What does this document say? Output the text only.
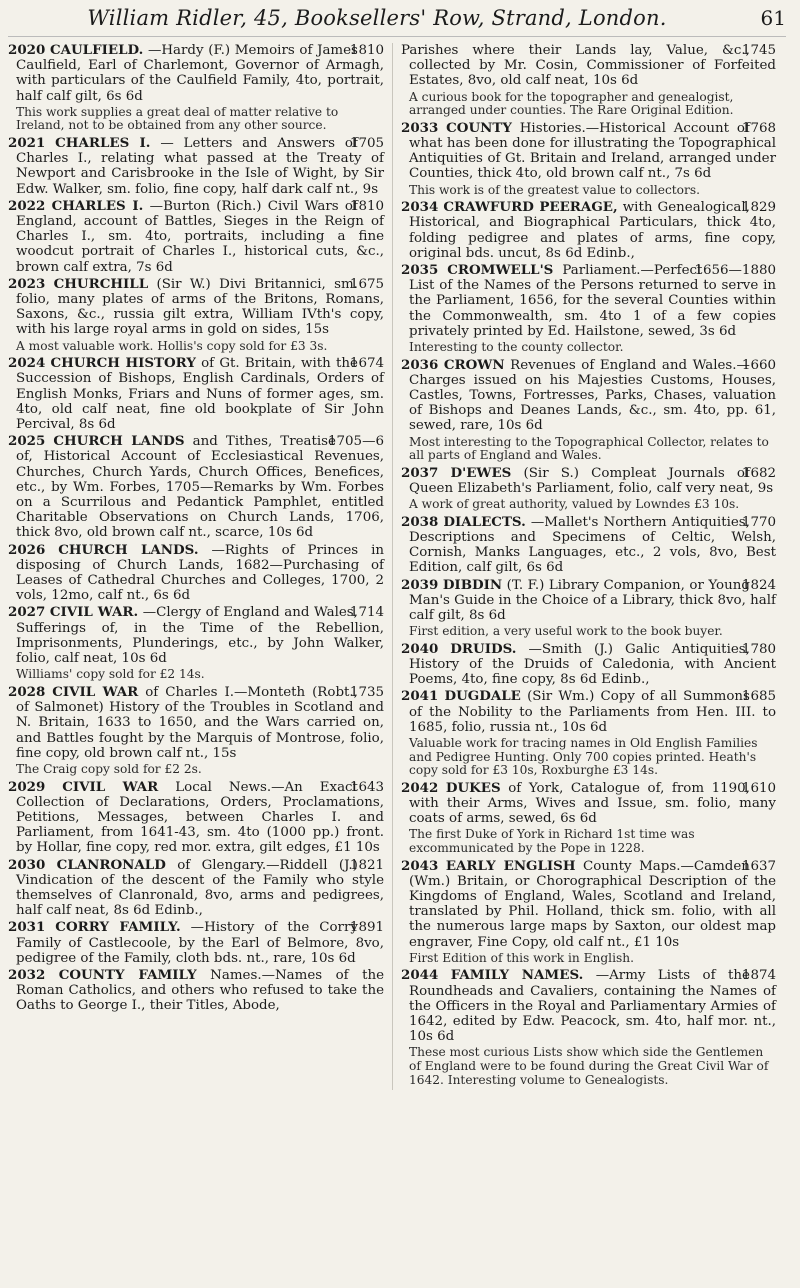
William Ridler, 45, Booksellers' Row, Strand, London.	61
1810
2020 CAULFIELD. —Hardy (F.) Memoirs of James Caulfield, Earl of Charlemont, Governor of Armagh, with particulars of the Caulfield Family, 4to, portrait, half calf gilt, 6s 6d
This work supplies a great deal of matter relative to Ireland, not to be obtained from any other source.
1705
2021 CHARLES I. — Letters and Answers of Charles I., relating what passed at the Treaty of Newport and Carisbrooke in the Isle of Wight, by Sir Edw. Walker, sm. folio, fine copy, half dark calf nt., 9s
1810
2022 CHARLES I. —Burton (Rich.) Civil Wars of England, account of Battles, Sieges in the Reign of Charles I., sm. 4to, portraits, including a fine woodcut portrait of Charles I., historical cuts, &c., brown calf extra, 7s 6d
1675
2023 CHURCHILL (Sir W.) Divi Britannici, sm. folio, many plates of arms of the Britons, Romans, Saxons, &c., russia gilt extra, William IVth's copy, with his large royal arms in gold on sides, 15s
A most valuable work. Hollis's copy sold for £3 3s.
1674
2024 CHURCH HISTORY of Gt. Britain, with the Succession of Bishops, English Cardinals, Orders of English Monks, Friars and Nuns of former ages, sm. 4to, old calf neat, fine old bookplate of Sir John Percival, 8s 6d
1705—6
2025 CHURCH LANDS and Tithes, Treatise of, Historical Account of Ecclesiastical Revenues, Churches, Church Yards, Church Offices, Benefices, etc., by Wm. Forbes, 1705—Remarks by Wm. Forbes on a Scurrilous and Pedantick Pamphlet, entitled Charitable Observations on Church Lands, 1706, thick 8vo, old brown calf nt., scarce, 10s 6d
2026 CHURCH LANDS. —Rights of Princes in disposing of Church Lands, 1682—Purchasing of Leases of Cathedral Churches and Colleges, 1700, 2 vols, 12mo, calf nt., 6s 6d
1714
2027 CIVIL WAR. —Clergy of England and Wales, Sufferings of, in the Time of the Rebellion, Imprisonments, Plunderings, etc., by John Walker, folio, calf neat, 10s 6d
Williams' copy sold for £2 14s.
1735
2028 CIVIL WAR of Charles I.—Monteth (Robt., of Salmonet) History of the Troubles in Scotland and N. Britain, 1633 to 1650, and the Wars carried on, and Battles fought by the Marquis of Montrose, folio, fine copy, old brown calf nt., 15s
The Craig copy sold for £2 2s.
1643
2029 CIVIL WAR Local News.—An Exact Collection of Declarations, Orders, Proclamations, Petitions, Messages, between Charles I. and Parliament, from 1641-43, sm. 4to (1000 pp.) front. by Hollar, fine copy, red mor. extra, gilt edges, £1 10s
1821
2030 CLANRONALD of Glengary.—Riddell (J.) Vindication of the descent of the Family who style themselves of Clanronald, 8vo, arms and pedigrees, half calf neat, 8s 6d Edinb.,
1891
2031 CORRY FAMILY. —History of the Corry Family of Castlecoole, by the Earl of Belmore, 8vo, pedigree of the Family, cloth bds. nt., rare, 10s 6d
2032 COUNTY FAMILY Names.—Names of the Roman Catholics, and others who refused to take the Oaths to George I., their Titles, Abode,
1745
Parishes where their Lands lay, Value, &c., collected by Mr. Cosin, Commissioner of Forfeited Estates, 8vo, old calf neat, 10s 6d
A curious book for the topographer and genealogist, arranged under counties. The Rare Original Edition.
1768
2033 COUNTY Histories.—Historical Account of what has been done for illustrating the Topographical Antiquities of Gt. Britain and Ireland, arranged under Counties, thick 4to, old brown calf nt., 7s 6d
This work is of the greatest value to collectors.
1829
2034 CRAWFURD PEERAGE, with Genealogical, Historical, and Biographical Particulars, thick 4to, folding pedigree and plates of arms, fine copy, original bds. uncut, 8s 6d Edinb.,
1656—1880
2035 CROMWELL'S Parliament.—Perfect List of the Names of the Persons returned to serve in the Parliament, 1656, for the several Counties within the Commonwealth, sm. 4to 1 of a few copies privately printed by Ed. Hailstone, sewed, 3s 6d
Interesting to the county collector.
1660
2036 CROWN Revenues of England and Wales.—Charges issued on his Majesties Customs, Houses, Castles, Towns, Fortresses, Parks, Chases, valuation of Bishops and Deanes Lands, &c., sm. 4to, pp. 61, sewed, rare, 10s 6d
Most interesting to the Topographical Collector, relates to all parts of England and Wales.
1682
2037 D'EWES (Sir S.) Compleat Journals of Queen Elizabeth's Parliament, folio, calf very neat, 9s
A work of great authority, valued by Lowndes £3 10s.
1770
2038 DIALECTS. —Mallet's Northern Antiquities, Descriptions and Specimens of Celtic, Welsh, Cornish, Manks Languages, etc., 2 vols, 8vo, Best Edition, calf gilt, 6s 6d
1824
2039 DIBDIN (T. F.) Library Companion, or Young Man's Guide in the Choice of a Library, thick 8vo, half calf gilt, 8s 6d
First edition, a very useful work to the book buyer.
1780
2040 DRUIDS. —Smith (J.) Galic Antiquities, History of the Druids of Caledonia, with Ancient Poems, 4to, fine copy, 8s 6d Edinb.,
1685
2041 DUGDALE (Sir Wm.) Copy of all Summons of the Nobility to the Parliaments from Hen. III. to 1685, folio, russia nt., 10s 6d
Valuable work for tracing names in Old English Families and Pedigree Hunting. Only 700 copies printed. Heath's copy sold for £3 10s, Roxburghe £3 14s.
1610
2042 DUKES of York, Catalogue of, from 1190, with their Arms, Wives and Issue, sm. folio, many coats of arms, sewed, 6s 6d
The first Duke of York in Richard 1st time was excommunicated by the Pope in 1228.
1637
2043 EARLY ENGLISH County Maps.—Camden (Wm.) Britain, or Chorographical Description of the Kingdoms of England, Wales, Scotland and Ireland, translated by Phil. Holland, thick sm. folio, with all the numerous large maps by Saxton, our oldest map engraver, Fine Copy, old calf nt., £1 10s
First Edition of this work in English.
1874
2044 FAMILY NAMES. —Army Lists of the Roundheads and Cavaliers, containing the Names of the Officers in the Royal and Parliamentary Armies of 1642, edited by Edw. Peacock, sm. 4to, half mor. nt., 10s 6d
These most curious Lists show which side the Gentlemen of England were to be found during the Great Civil War of 1642. Interesting volume to Genealogists.
